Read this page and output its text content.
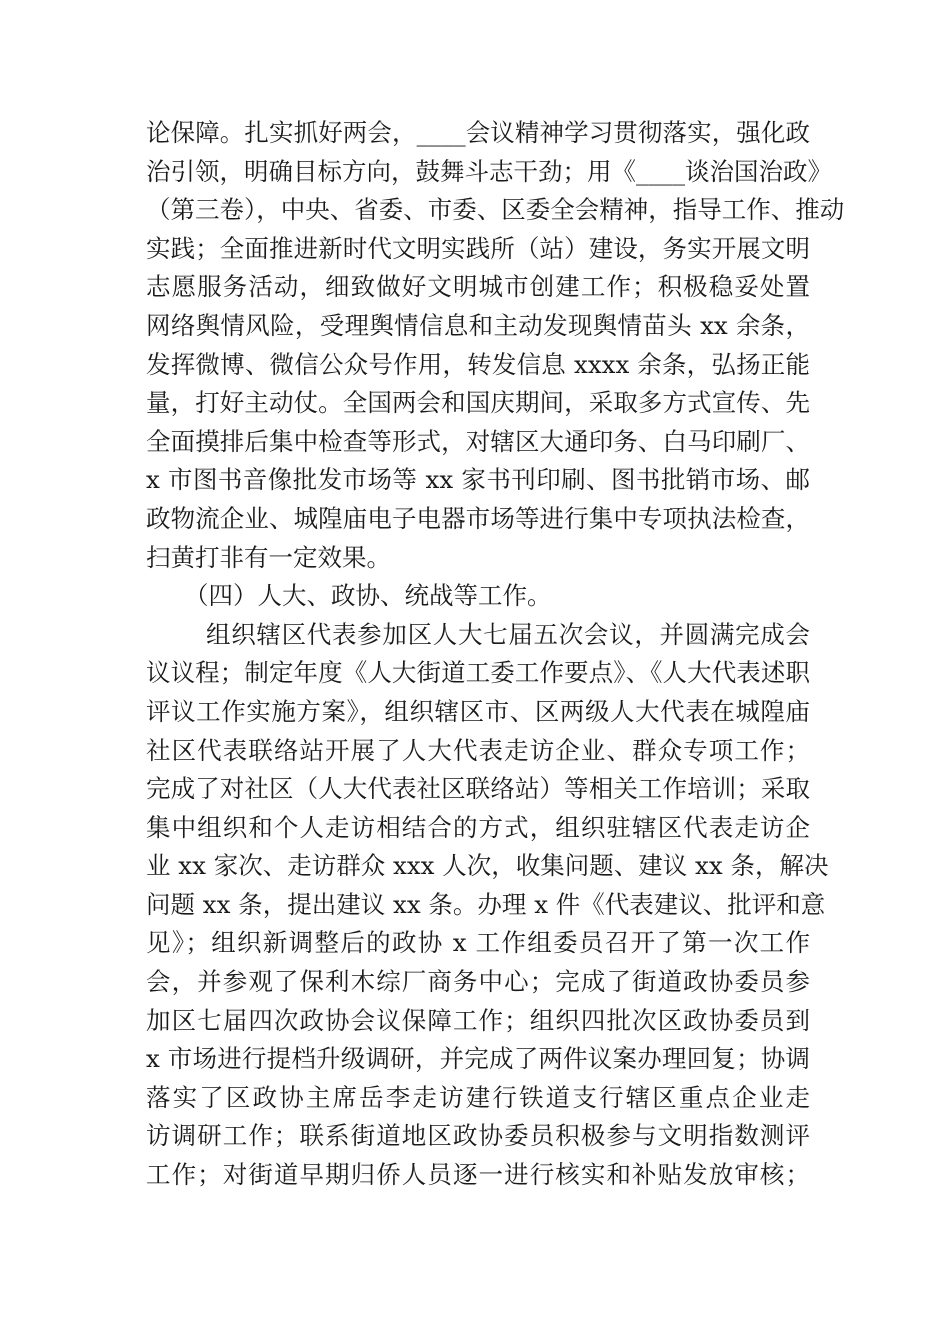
论保障。扎实抓好两会，____会议精神学习贯彻落实，强化政
治引领，明确目标方向，鼓舞斗志干劲；用《____谈治国治政》
（第三卷），中央、省委、市委、区委全会精神，指导工作、推动
实践；全面推进新时代文明实践所（站）建设，务实开展文明
志愿服务活动，细致做好文明城市创建工作；积极稳妥处置
网络舆情风险，受理舆情信息和主动发现舆情苗头 xx 余条，
发挥微博、微信公众号作用，转发信息 xxxx 余条，弘扬正能
量，打好主动仗。全国两会和国庆期间，采取多方式宣传、先
全面摸排后集中检查等形式，对辖区大通印务、白马印刷厂、
x 市图书音像批发市场等 xx 家书刊印刷、图书批销市场、邮
政物流企业、城隍庙电子电器市场等进行集中专项执法检查，
扫黄打非有一定效果。
（四）人大、政协、统战等工作。
组织辖区代表参加区人大七届五次会议，并圆满完成会
议议程；制定年度《人大街道工委工作要点》、《人大代表述职
评议工作实施方案》，组织辖区市、区两级人大代表在城隍庙
社区代表联络站开展了人大代表走访企业、群众专项工作；
完成了对社区（人大代表社区联络站）等相关工作培训；采取
集中组织和个人走访相结合的方式，组织驻辖区代表走访企
业 xx 家次、走访群众 xxx 人次，收集问题、建议 xx 条，解决
问题 xx 条，提出建议 xx 条。办理 x 件《代表建议、批评和意
见》；组织新调整后的政协 x 工作组委员召开了第一次工作
会，并参观了保利木综厂商务中心；完成了街道政协委员参
加区七届四次政协会议保障工作；组织四批次区政协委员到
x 市场进行提档升级调研，并完成了两件议案办理回复；协调
落实了区政协主席岳李走访建行铁道支行辖区重点企业走
访调研工作；联系街道地区政协委员积极参与文明指数测评
工作；对街道早期归侨人员逐一进行核实和补贴发放审核；
